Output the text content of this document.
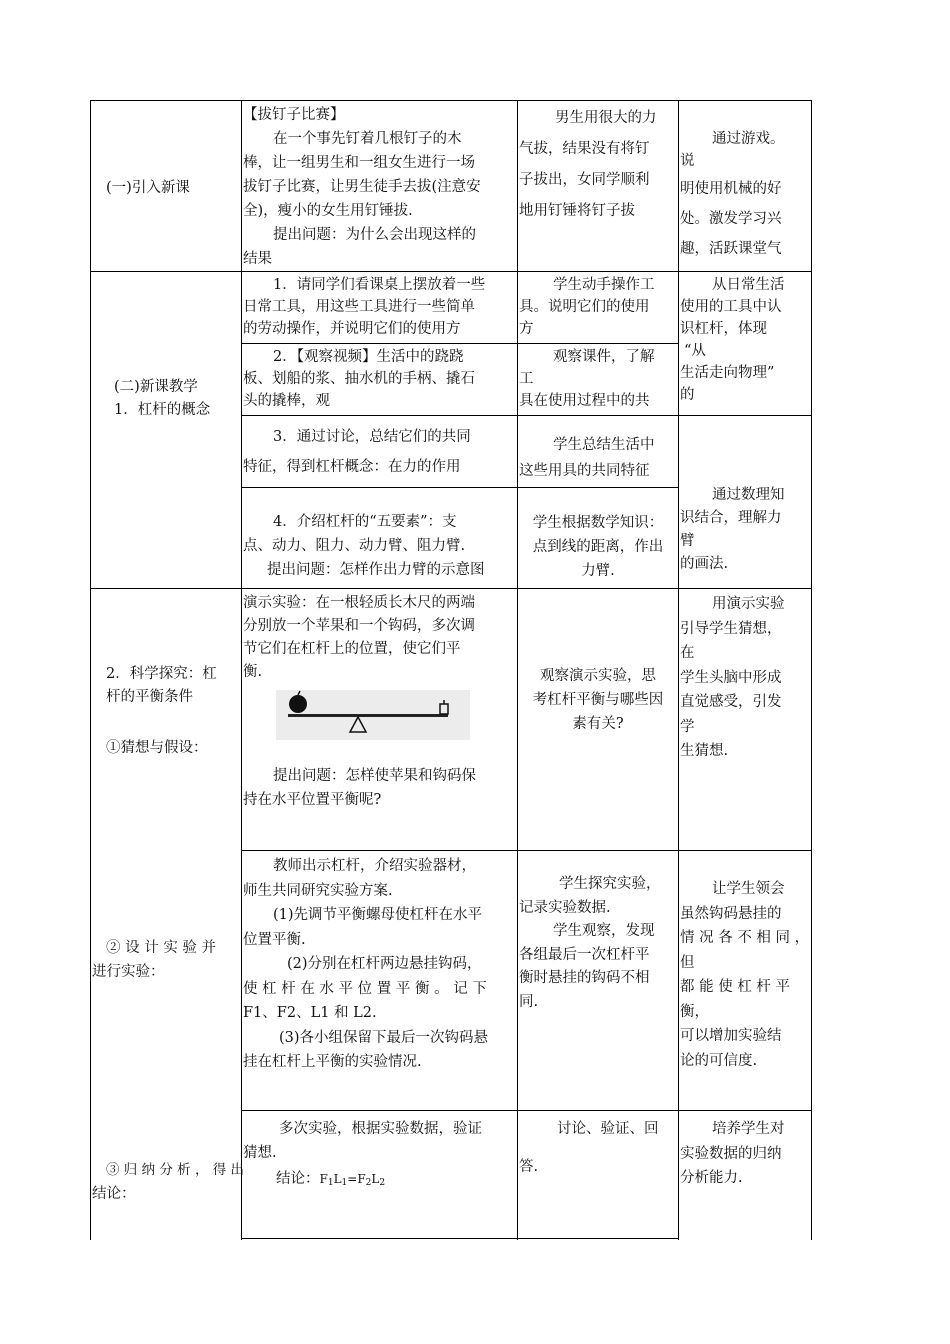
(一)引入新课
(二)新课教学
1．杠杆的概念
2．科学探究：杠
杆的平衡条件
①猜想与假设：
② 设 计 实 验 并
进行实验：
③ 归 纳 分 析 ， 得 出
结论：

【拔钉子比赛】

在一个事先钉着几根钉子的木

棒，让一组男生和一组女生进行一场

拔钉子比赛，让男生徒手去拔(注意安

全)，瘦小的女生用钉锤拔.

提出问题：为什么会出现这样的

结果

男生用很大的力

气拔，结果没有将钉

子拔出，女同学顺利

地用钉锤将钉子拔

通过游戏。

说

明使用机械的好

处。激发学习兴

趣，活跃课堂气

1．请同学们看课桌上摆放着一些

日常工具，用这些工具进行一些简单

的劳动操作，并说明它们的使用方

学生动手操作工

具。说明它们的使用

方

从日常生活

使用的工具中认

识杠杆，体现

“从

生活走向物理”

的

2．【观察视频】生活中的跷跷

板、划船的浆、抽水机的手柄、撬石

头的撬棒，观

观察课件，了解

工

具在使用过程中的共

3．通过讨论，总结它们的共同

特征，得到杠杆概念：在力的作用

学生总结生活中

这些用具的共同特征

4．介绍杠杆的“五要素”：支

点、动力、阻力、动力臂、阻力臂.

提出问题：怎样作出力臂的示意图

学生根据数学知识：

点到线的距离，作出

力臂.

通过数理知

识结合，理解力

臂

的画法.

演示实验：在一根轻质长木尺的两端

分别放一个苹果和一个钩码，多次调

节它们在杠杆上的位置，使它们平

衡.

提出问题：怎样使苹果和钩码保

持在水平位置平衡呢?

观察演示实验，思

考杠杆平衡与哪些因

素有关?

用演示实验

引导学生猜想，

在

学生头脑中形成

直觉感受，引发

学

生猜想.

教师出示杠杆，介绍实验器材，

师生共同研究实验方案.

(1)先调节平衡螺母使杠杆在水平

位置平衡.

(2)分别在杠杆两边悬挂钩码，

使 杠 杆 在 水 平 位 置 平 衡 。 记 下

F1、F2、L1 和 L2.

(3)各小组保留下最后一次钩码悬

挂在杠杆上平衡的实验情况.

学生探究实验，

记录实验数据.

学生观察，发现

各组最后一次杠杆平

衡时悬挂的钩码不相

同.

让学生领会

虽然钩码悬挂的

情 况 各 不 相 同 ，

但

都 能 使 杠 杆 平

衡，

可以增加实验结

论的可信度.

多次实验，根据实验数据，验证

猜想.

结论：$F_1L_1=F_2L_2$

讨论、验证、回

答.

培养学生对

实验数据的归纳

分析能力.
